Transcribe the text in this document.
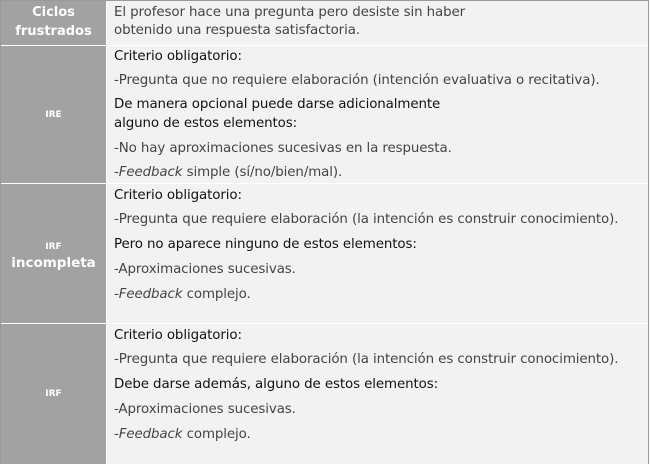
Ciclos
frustrados
El profesor hace una pregunta pero desiste sin haber
obtenido una respuesta satisfactoria.
IRE
Criterio obligatorio:
-Pregunta que no requiere elaboración (intención evaluativa o recitativa).
De manera opcional puede darse adicionalmente
alguno de estos elementos:
-No hay aproximaciones sucesivas en la respuesta.
-Feedback simple (sí/no/bien/mal).
IRF
incompleta
Criterio obligatorio:
-Pregunta que requiere elaboración (la intención es construir conocimiento).
Pero no aparece ninguno de estos elementos:
-Aproximaciones sucesivas.
-Feedback complejo.
IRF
Criterio obligatorio:
-Pregunta que requiere elaboración (la intención es construir conocimiento).
Debe darse además, alguno de estos elementos:
-Aproximaciones sucesivas.
-Feedback complejo.
